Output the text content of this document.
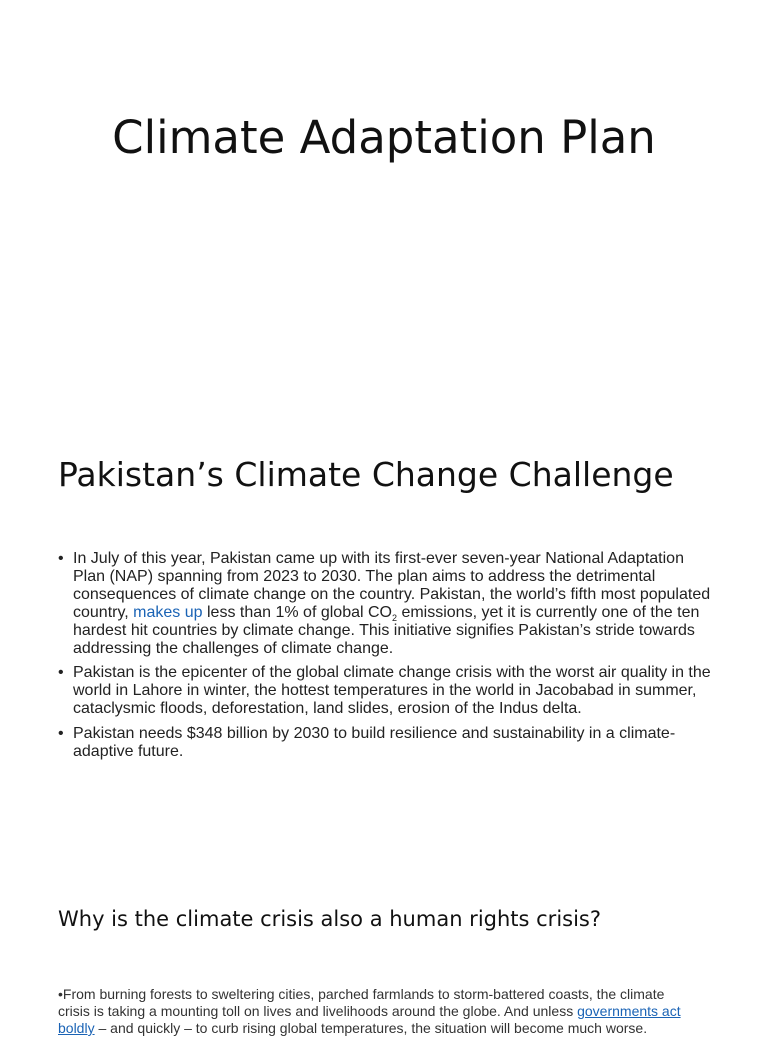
Climate Adaptation Plan
Pakistan’s Climate Change Challenge
• In July of this year, Pakistan came up with its first-ever seven-year National Adaptation Plan (NAP) spanning from 2023 to 2030. The plan aims to address the detrimental consequences of climate change on the country. Pakistan, the world’s fifth most populated country, makes up less than 1% of global $CO_2$ emissions, yet it is currently one of the ten hardest hit countries by climate change. This initiative signifies Pakistan’s stride towards addressing the challenges of climate change.
• Pakistan is the epicenter of the global climate change crisis with the worst air quality in the world in Lahore in winter, the hottest temperatures in the world in Jacobabad in summer, cataclysmic floods, deforestation, land slides, erosion of the Indus delta.
• Pakistan needs $348 billion by 2030 to build resilience and sustainability in a climate-adaptive future.
Why is the climate crisis also a human rights crisis?

•From burning forests to sweltering cities, parched farmlands to storm-battered coasts, the climate crisis is taking a mounting toll on lives and livelihoods around the globe. And unless governments act boldly – and quickly – to curb rising global temperatures, the situation will become much worse.
